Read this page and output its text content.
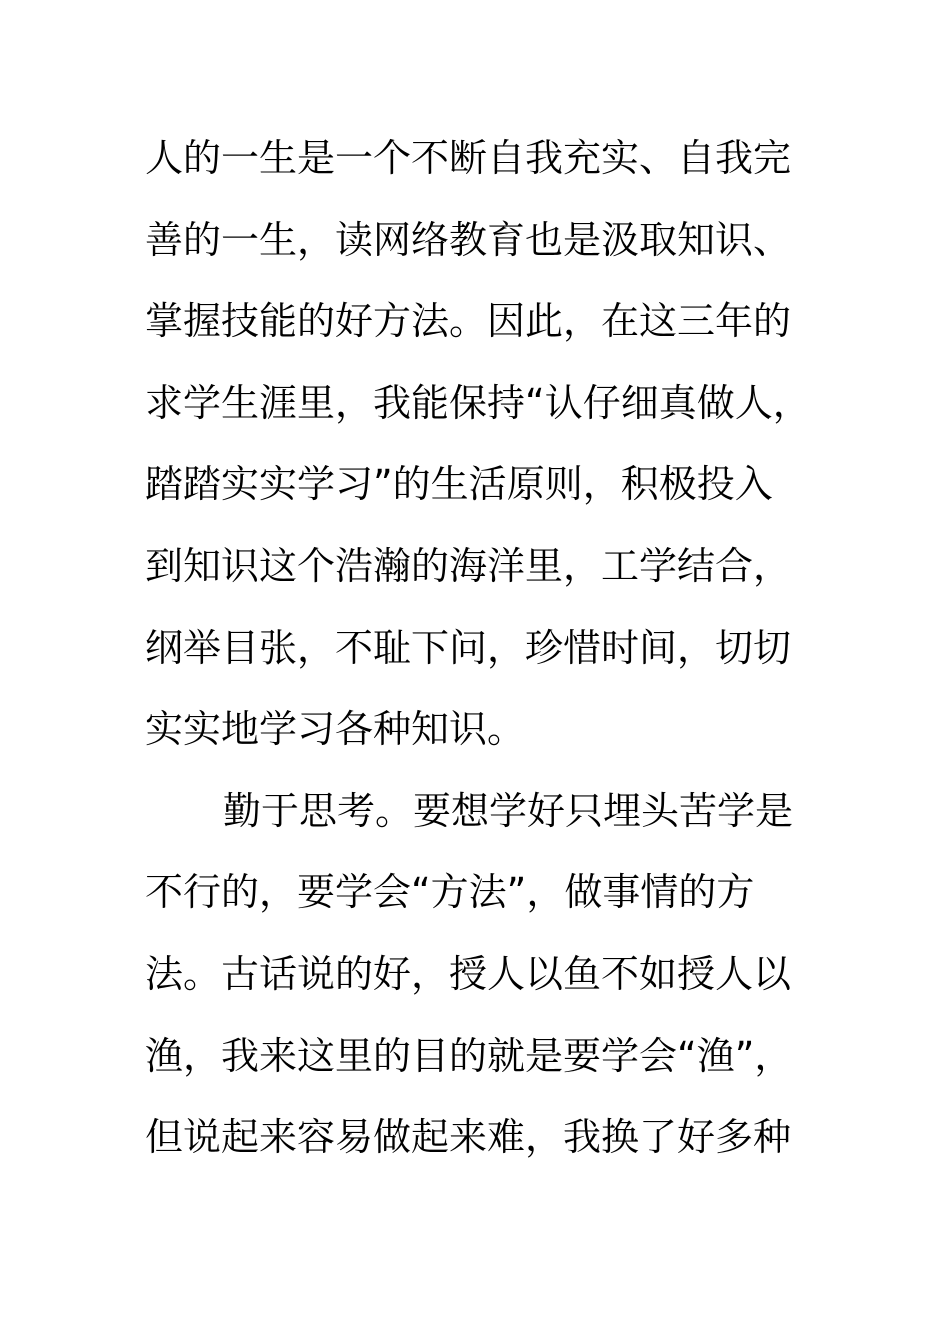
人的一生是一个不断自我充实、自我完
善的一生，读网络教育也是汲取知识、
掌握技能的好方法。因此，在这三年的
求学生涯里，我能保持“认仔细真做人，
踏踏实实学习”的生活原则，积极投入
到知识这个浩瀚的海洋里，工学结合，
纲举目张，不耻下问，珍惜时间，切切
实实地学习各种知识。
勤于思考。要想学好只埋头苦学是
不行的，要学会“方法”，做事情的方
法。古话说的好，授人以鱼不如授人以
渔，我来这里的目的就是要学会“渔”，
但说起来容易做起来难，我换了好多种
